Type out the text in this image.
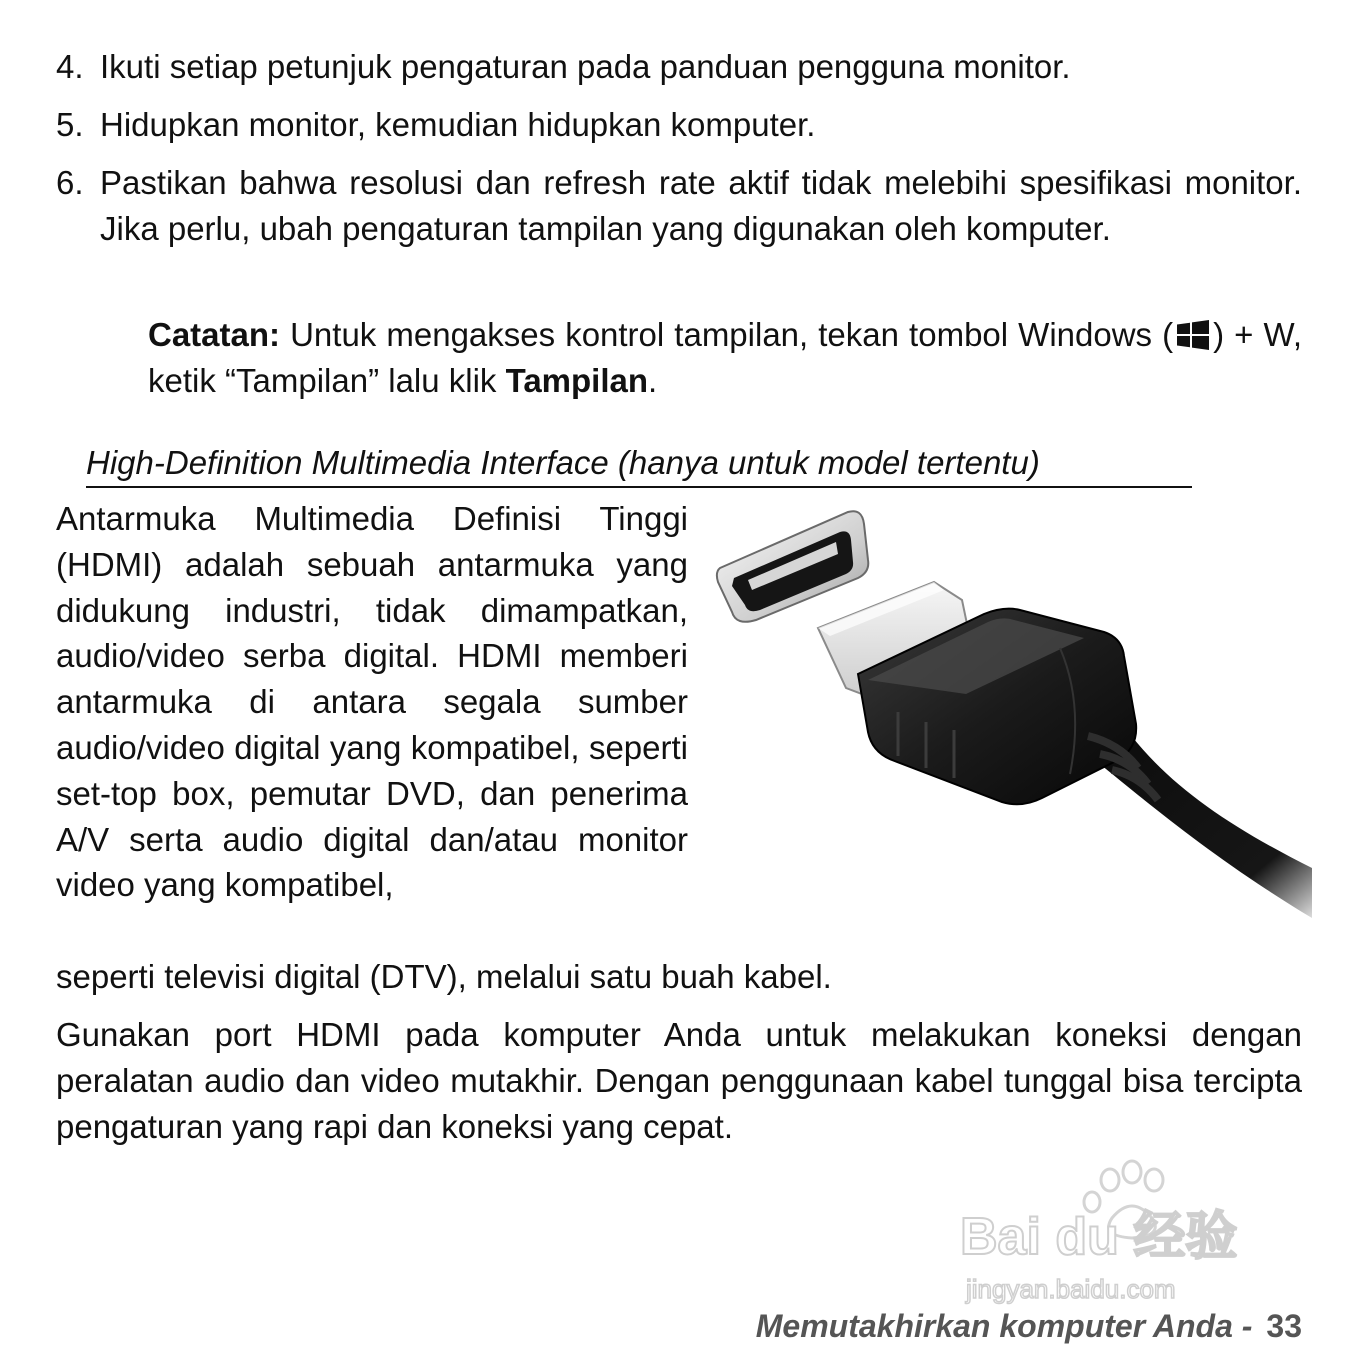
4. Ikuti setiap petunjuk pengaturan pada panduan pengguna monitor.
5. Hidupkan monitor, kemudian hidupkan komputer.
6. Pastikan bahwa resolusi dan refresh rate aktif tidak melebihi spesifikasi monitor. Jika perlu, ubah pengaturan tampilan yang digunakan oleh komputer.
Catatan: Untuk mengakses kontrol tampilan, tekan tombol Windows ( ) + W, ketik “Tampilan” lalu klik Tampilan.
High-Definition Multimedia Interface (hanya untuk model tertentu)
Antarmuka Multimedia Definisi Tinggi (HDMI) adalah sebuah antarmuka yang didukung industri, tidak dimampatkan, audio/video serba digital. HDMI memberi antarmuka di antara segala sumber audio/video digital yang kompatibel, seperti set-top box, pemutar DVD, dan penerima A/V serta audio digital dan/atau monitor video yang kompatibel,
seperti televisi digital (DTV), melalui satu buah kabel.
Gunakan port HDMI pada komputer Anda untuk melakukan koneksi dengan peralatan audio dan video mutakhir. Dengan penggunaan kabel tunggal bisa tercipta pengaturan yang rapi dan koneksi yang cepat.
Bai du 经验
jingyan.baidu.com
Memutakhirkan komputer Anda - 33
